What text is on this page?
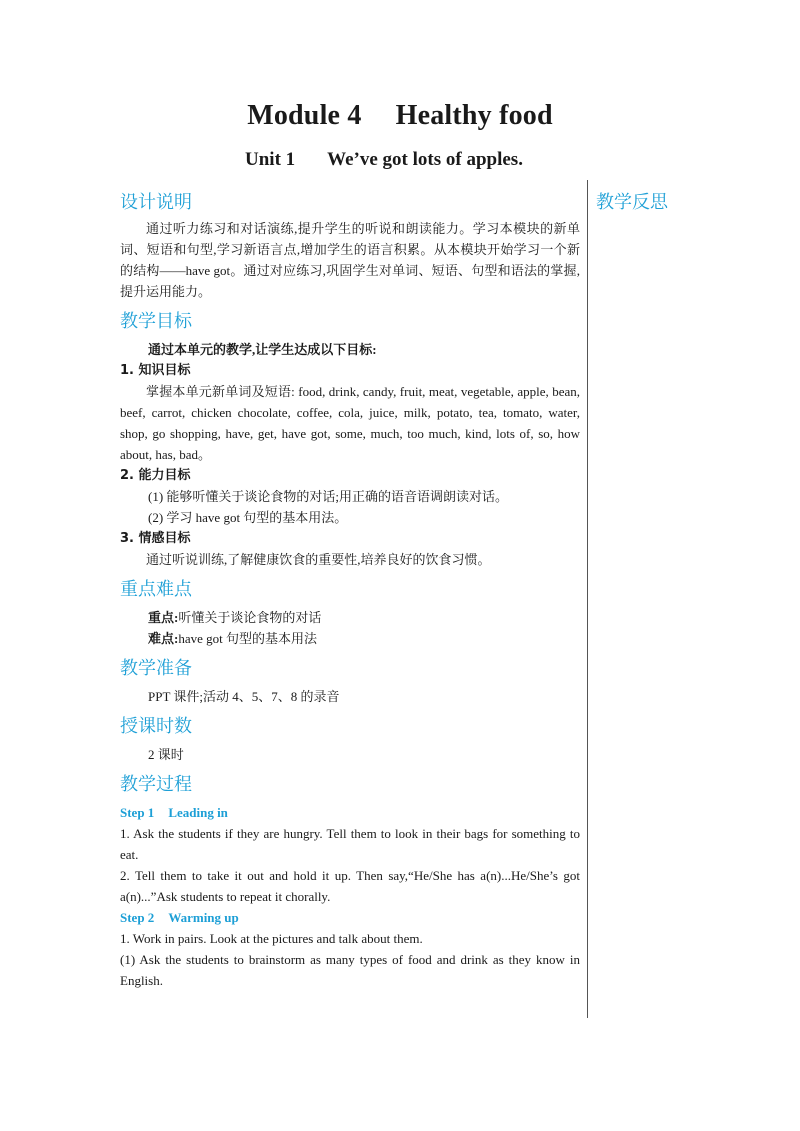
Module 4 Healthy food
Unit 1 We’ve got lots of apples.
教学反思
设计说明

通过听力练习和对话演练,提升学生的听说和朗读能力。学习本模块的新单词、短语和句型,学习新语言点,增加学生的语言积累。从本模块开始学习一个新的结构——have got。通过对应练习,巩固学生对单词、短语、句型和语法的掌握,提升运用能力。

教学目标

通过本单元的教学,让学生达成以下目标:

1. 知识目标

掌握本单元新单词及短语: food, drink, candy, fruit, meat, vegetable, apple, bean, beef, carrot, chicken chocolate, coffee, cola, juice, milk, potato, tea, tomato, water, shop, go shopping, have, get, have got, some, much, too much, kind, lots of, so, how about, has, bad。

2. 能力目标

(1) 能够听懂关于谈论食物的对话;用正确的语音语调朗读对话。

(2) 学习 have got 句型的基本用法。

3. 情感目标

通过听说训练,了解健康饮食的重要性,培养良好的饮食习惯。

重点难点

重点:听懂关于谈论食物的对话

难点:have got 句型的基本用法

教学准备

PPT 课件;活动 4、5、7、8 的录音

授课时数

2 课时

教学过程

Step 1 Leading in

1. Ask the students if they are hungry. Tell them to look in their bags for something to eat.

2. Tell them to take it out and hold it up. Then say,“He/She has a(n)...He/She’s got a(n)...”Ask students to repeat it chorally.

Step 2 Warming up

1. Work in pairs. Look at the pictures and talk about them.

(1) Ask the students to brainstorm as many types of food and drink as they know in English.
